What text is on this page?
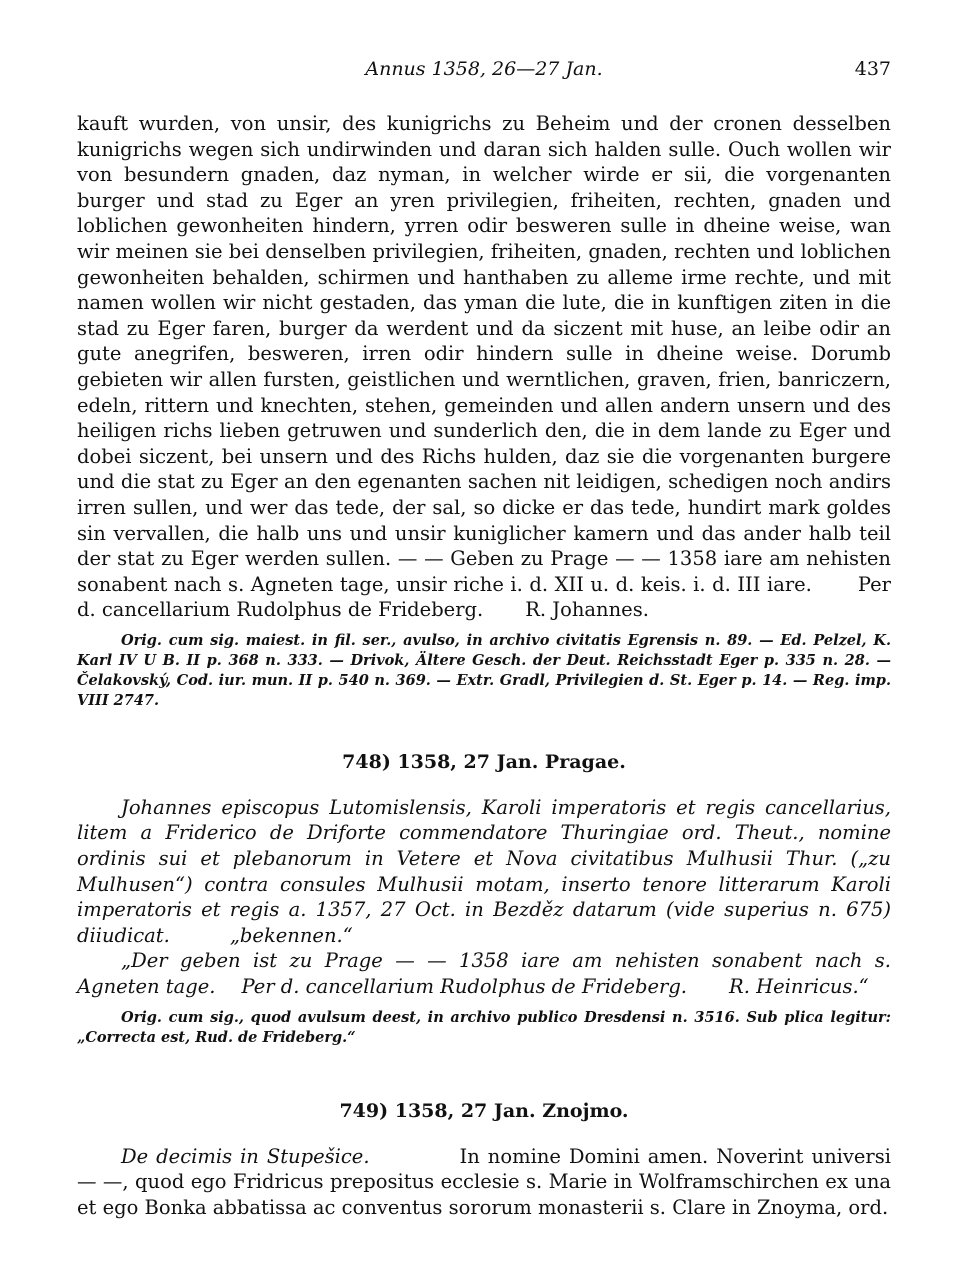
Annus 1358, 26—27 Jan.	437

kauft wurden, von unsir, des kunigrichs zu Beheim und der cronen desselben kunigrichs wegen sich undirwinden und daran sich halden sulle. Ouch wollen wir von besundern gnaden, daz nyman, in welcher wirde er sii, die vorgenanten burger und stad zu Eger an yren privilegien, friheiten, rechten, gnaden und loblichen gewonheiten hindern, yrren odir besweren sulle in dheine weise, wan wir meinen sie bei denselben privilegien, friheiten, gnaden, rechten und loblichen gewonheiten behalden, schirmen und hanthaben zu alleme irme rechte, und mit namen wollen wir nicht gestaden, das yman die lute, die in kunftigen ziten in die stad zu Eger faren, burger da werdent und da siczent mit huse, an leibe odir an gute anegrifen, besweren, irren odir hindern sulle in dheine weise. Dorumb gebieten wir allen fursten, geistlichen und werntlichen, graven, frien, banriczern, edeln, rittern und knechten, stehen, gemeinden und allen andern unsern und des heiligen richs lieben getruwen und sunderlich den, die in dem lande zu Eger und dobei siczent, bei unsern und des Richs hulden, daz sie die vorgenanten burgere und die stat zu Eger an den egenanten sachen nit leidigen, schedigen noch andirs irren sullen, und wer das tede, der sal, so dicke er das tede, hundirt mark goldes sin vervallen, die halb uns und unsir kuniglicher kamern und das ander halb teil der stat zu Eger werden sullen. — — Geben zu Prage — — 1358 iare am nehisten sonabent nach s. Agneten tage, unsir riche i. d. XII u. d. keis. i. d. III iare. Per d. cancellarium Rudolphus de Frideberg. R. Johannes.

Orig. cum sig. maiest. in fil. ser., avulso, in archivo civitatis Egrensis n. 89. — Ed. Pelzel, K. Karl IV U B. II p. 368 n. 333. — Drivok, Ältere Gesch. der Deut. Reichsstadt Eger p. 335 n. 28. — Čelakovský, Cod. iur. mun. II p. 540 n. 369. — Extr. Gradl, Privilegien d. St. Eger p. 14. — Reg. imp. VIII 2747.

748) 1358, 27 Jan. Pragae.

Johannes episcopus Lutomislensis, Karoli imperatoris et regis cancellarius, litem a Friderico de Driforte commendatore Thuringiae ord. Theut., nomine ordinis sui et plebanorum in Vetere et Nova civitatibus Mulhusii Thur. („zu Mulhusen“) contra consules Mulhusii motam, inserto tenore litterarum Karoli imperatoris et regis a. 1357, 27 Oct. in Bezděz datarum (vide superius n. 675) diiudicat.	„bekennen.“

„Der geben ist zu Prage — — 1358 iare am nehisten sonabent nach s. Agneten tage. Per d. cancellarium Rudolphus de Frideberg. R. Heinricus.“

Orig. cum sig., quod avulsum deest, in archivo publico Dresdensi n. 3516. Sub plica legitur: „Correcta est, Rud. de Frideberg.“

749) 1358, 27 Jan. Znojmo.

De decimis in Stupešice.	In nomine Domini amen. Noverint universi — —, quod ego Fridricus prepositus ecclesie s. Marie in Wolframschirchen ex una et ego Bonka abbatissa ac conventus sororum monasterii s. Clare in Znoyma, ord.
